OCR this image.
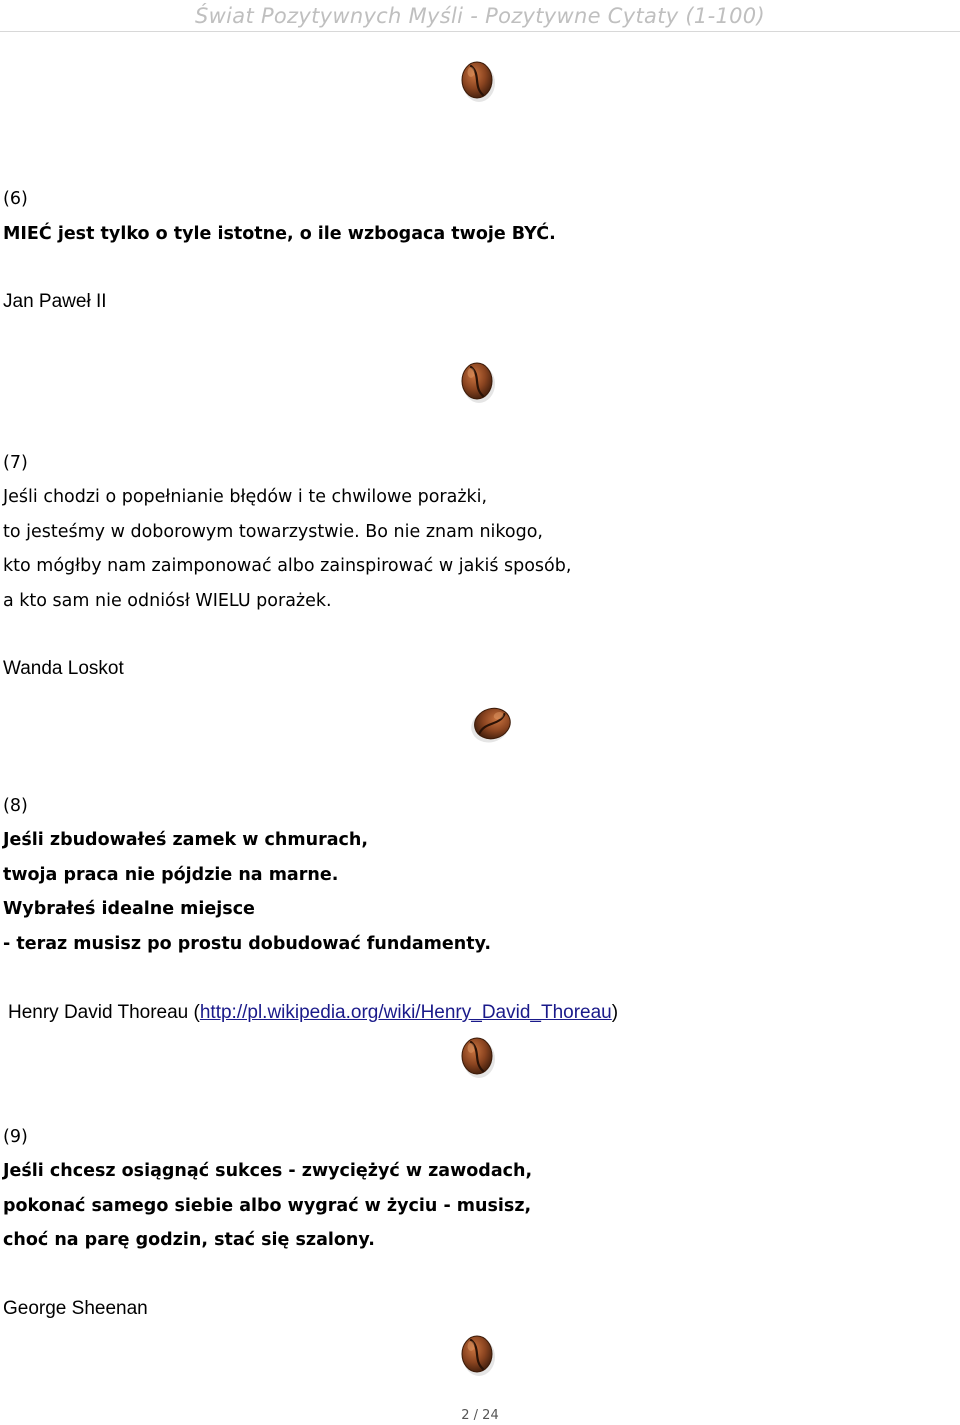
Świat Pozytywnych Myśli - Pozytywne Cytaty (1-100)
(6)
MIEĆ jest tylko o tyle istotne, o ile wzbogaca twoje BYĆ.
Jan Paweł II
(7)
Jeśli chodzi o popełnianie błędów i te chwilowe porażki,
to jesteśmy w doborowym towarzystwie. Bo nie znam nikogo,
kto mógłby nam zaimponować albo zainspirować w jakiś sposób,
a kto sam nie odniósł WIELU porażek.
Wanda Loskot
(8)
Jeśli zbudowałeś zamek w chmurach,
twoja praca nie pójdzie na marne.
Wybrałeś idealne miejsce
- teraz musisz po prostu dobudować fundamenty.
Henry David Thoreau (http://pl.wikipedia.org/wiki/Henry_David_Thoreau)
(9)
Jeśli chcesz osiągnąć sukces - zwyciężyć w zawodach,
pokonać samego siebie albo wygrać w życiu - musisz,
choć na parę godzin, stać się szalony.
George Sheenan
2 / 24
